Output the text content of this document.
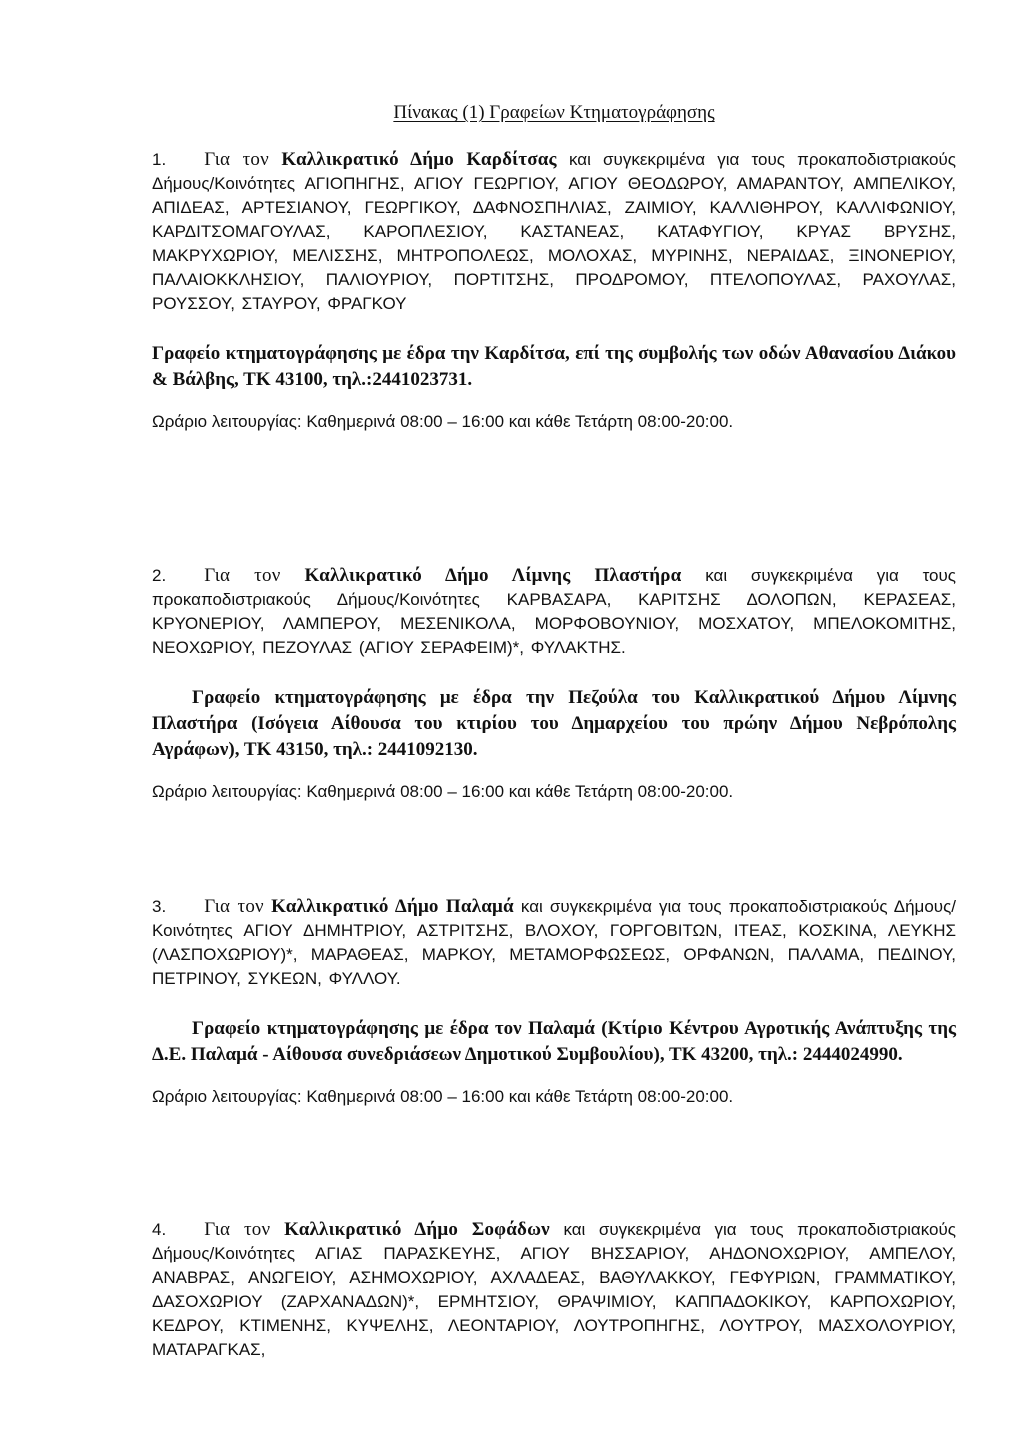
Πίνακας (1) Γραφείων Κτηματογράφησης

1. Για τον Καλλικρατικό Δήμο Καρδίτσας και συγκεκριμένα για τους προκαποδιστριακούς Δήμους/Κοινότητες ΑΓΙΟΠΗΓΗΣ, ΑΓΙΟΥ ΓΕΩΡΓΙΟΥ, ΑΓΙΟΥ ΘΕΟΔΩΡΟΥ, ΑΜΑΡΑΝΤΟΥ, ΑΜΠΕΛΙΚΟΥ, ΑΠΙΔΕΑΣ, ΑΡΤΕΣΙΑΝΟΥ, ΓΕΩΡΓΙΚΟΥ, ΔΑΦΝΟΣΠΗΛΙΑΣ, ΖΑΙΜΙΟΥ, ΚΑΛΛΙΘΗΡΟΥ, ΚΑΛΛΙΦΩΝΙΟΥ, ΚΑΡΔΙΤΣΟΜΑΓΟΥΛΑΣ, ΚΑΡΟΠΛΕΣΙΟΥ, ΚΑΣΤΑΝΕΑΣ, ΚΑΤΑΦΥΓΙΟΥ, ΚΡΥΑΣ ΒΡΥΣΗΣ, ΜΑΚΡΥΧΩΡΙΟΥ, ΜΕΛΙΣΣΗΣ, ΜΗΤΡΟΠΟΛΕΩΣ, ΜΟΛΟΧΑΣ, ΜΥΡΙΝΗΣ, ΝΕΡΑΙΔΑΣ, ΞΙΝΟΝΕΡΙΟΥ, ΠΑΛΑΙΟΚΚΛΗΣΙΟΥ, ΠΑΛΙΟΥΡΙΟΥ, ΠΟΡΤΙΤΣΗΣ, ΠΡΟΔΡΟΜΟΥ, ΠΤΕΛΟΠΟΥΛΑΣ, ΡΑΧΟΥΛΑΣ, ΡΟΥΣΣΟΥ, ΣΤΑΥΡΟΥ, ΦΡΑΓΚΟΥ

Γραφείο κτηματογράφησης με έδρα την Καρδίτσα, επί της συμβολής των οδών Αθανασίου Διάκου & Βάλβης, ΤΚ 43100, τηλ.:2441023731.

Ωράριο λειτουργίας: Καθημερινά 08:00 – 16:00 και κάθε Τετάρτη 08:00-20:00.

2. Για τον Καλλικρατικό Δήμο Λίμνης Πλαστήρα και συγκεκριμένα για τους προκαποδιστριακούς Δήμους/Κοινότητες ΚΑΡΒΑΣΑΡΑ, ΚΑΡΙΤΣΗΣ ΔΟΛΟΠΩΝ, ΚΕΡΑΣΕΑΣ, ΚΡΥΟΝΕΡΙΟΥ, ΛΑΜΠΕΡΟΥ, ΜΕΣΕΝΙΚΟΛΑ, ΜΟΡΦΟΒΟΥΝΙΟΥ, ΜΟΣΧΑΤΟΥ, ΜΠΕΛΟΚΟΜΙΤΗΣ, ΝΕΟΧΩΡΙΟΥ, ΠΕΖΟΥΛΑΣ (ΑΓΙΟΥ ΣΕΡΑΦΕΙΜ)*, ΦΥΛΑΚΤΗΣ.

Γραφείο κτηματογράφησης με έδρα την Πεζούλα του Καλλικρατικού Δήμου Λίμνης Πλαστήρα (Ισόγεια Αίθουσα του κτιρίου του Δημαρχείου του πρώην Δήμου Νεβρόπολης Αγράφων), ΤΚ 43150, τηλ.: 2441092130.

Ωράριο λειτουργίας: Καθημερινά 08:00 – 16:00 και κάθε Τετάρτη 08:00-20:00.

3. Για τον Καλλικρατικό Δήμο Παλαμά και συγκεκριμένα για τους προκαποδιστριακούς Δήμους/Κοινότητες ΑΓΙΟΥ ΔΗΜΗΤΡΙΟΥ, ΑΣΤΡΙΤΣΗΣ, ΒΛΟΧΟΥ, ΓΟΡΓΟΒΙΤΩΝ, ΙΤΕΑΣ, ΚΟΣΚΙΝΑ, ΛΕΥΚΗΣ (ΛΑΣΠΟΧΩΡΙΟΥ)*, ΜΑΡΑΘΕΑΣ, ΜΑΡΚΟΥ, ΜΕΤΑΜΟΡΦΩΣΕΩΣ, ΟΡΦΑΝΩΝ, ΠΑΛΑΜΑ, ΠΕΔΙΝΟΥ, ΠΕΤΡΙΝΟΥ, ΣΥΚΕΩΝ, ΦΥΛΛΟΥ.

Γραφείο κτηματογράφησης με έδρα τον Παλαμά (Κτίριο Κέντρου Αγροτικής Ανάπτυξης της Δ.Ε. Παλαμά - Αίθουσα συνεδριάσεων Δημοτικού Συμβουλίου), ΤΚ 43200, τηλ.: 2444024990.

Ωράριο λειτουργίας: Καθημερινά 08:00 – 16:00 και κάθε Τετάρτη 08:00-20:00.

4. Για τον Καλλικρατικό Δήμο Σοφάδων και συγκεκριμένα για τους προκαποδιστριακούς Δήμους/Κοινότητες ΑΓΙΑΣ ΠΑΡΑΣΚΕΥΗΣ, ΑΓΙΟΥ ΒΗΣΣΑΡΙΟΥ, ΑΗΔΟΝΟΧΩΡΙΟΥ, ΑΜΠΕΛΟΥ, ΑΝΑΒΡΑΣ, ΑΝΩΓΕΙΟΥ, ΑΣΗΜΟΧΩΡΙΟΥ, ΑΧΛΑΔΕΑΣ, ΒΑΘΥΛΑΚΚΟΥ, ΓΕΦΥΡΙΩΝ, ΓΡΑΜΜΑΤΙΚΟΥ, ΔΑΣΟΧΩΡΙΟΥ (ΖΑΡΧΑΝΑΔΩΝ)*, ΕΡΜΗΤΣΙΟΥ, ΘΡΑΨΙΜΙΟΥ, ΚΑΠΠΑΔΟΚΙΚΟΥ, ΚΑΡΠΟΧΩΡΙΟΥ, ΚΕΔΡΟΥ, ΚΤΙΜΕΝΗΣ, ΚΥΨΕΛΗΣ, ΛΕΟΝΤΑΡΙΟΥ, ΛΟΥΤΡΟΠΗΓΗΣ, ΛΟΥΤΡΟΥ, ΜΑΣΧΟΛΟΥΡΙΟΥ, ΜΑΤΑΡΑΓΚΑΣ,
